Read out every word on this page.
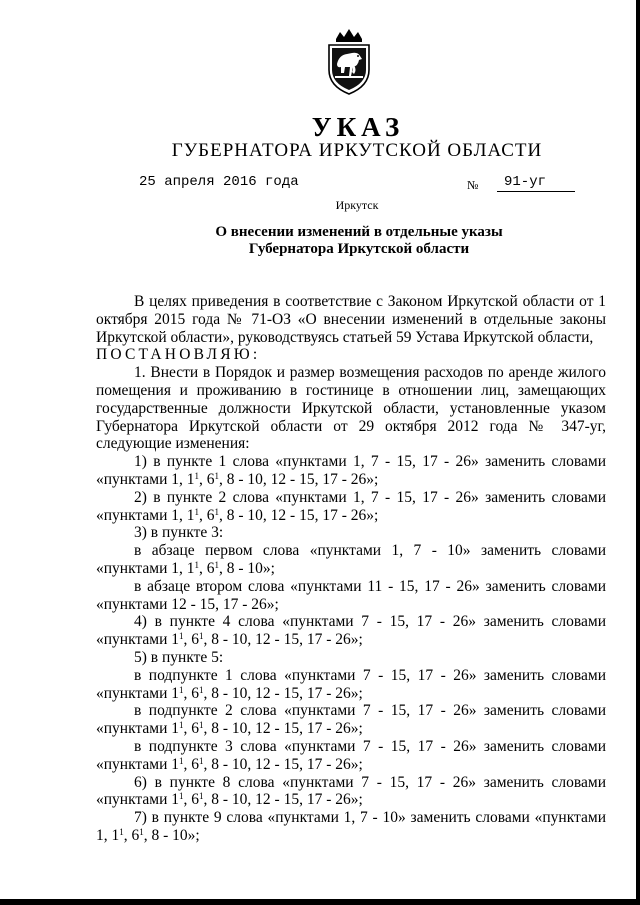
УКАЗ
ГУБЕРНАТОРА ИРКУТСКОЙ ОБЛАСТИ
25 апреля 2016 года	№	91-уг
Иркутск
О внесении изменений в отдельные указы
Губернатора Иркутской области

В целях приведения в соответствие с Законом Иркутской области от 1 октября 2015 года № 71-ОЗ «О внесении изменений в отдельные законы Иркутской области», руководствуясь статьей 59 Устава Иркутской области,

ПОСТАНОВЛЯЮ:

1. Внести в Порядок и размер возмещения расходов по аренде жилого помещения и проживанию в гостинице в отношении лиц, замещающих государственные должности Иркутской области, установленные указом Губернатора Иркутской области от 29 октября 2012 года № 347-уг, следующие изменения:

1) в пункте 1 слова «пунктами 1, 7 - 15, 17 - 26» заменить словами «пунктами 1, $1^1$, $6^1$, 8 - 10, 12 - 15, 17 - 26»;

2) в пункте 2 слова «пунктами 1, 7 - 15, 17 - 26» заменить словами «пунктами 1, $1^1$, $6^1$, 8 - 10, 12 - 15, 17 - 26»;

3) в пункте 3:

в абзаце первом слова «пунктами 1, 7 - 10» заменить словами «пунктами 1, $1^1$, $6^1$, 8 - 10»;

в абзаце втором слова «пунктами 11 - 15, 17 - 26» заменить словами «пунктами 12 - 15, 17 - 26»;

4) в пункте 4 слова «пунктами 7 - 15, 17 - 26» заменить словами «пунктами $1^1$, $6^1$, 8 - 10, 12 - 15, 17 - 26»;

5) в пункте 5:

в подпункте 1 слова «пунктами 7 - 15, 17 - 26» заменить словами «пунктами $1^1$, $6^1$, 8 - 10, 12 - 15, 17 - 26»;

в подпункте 2 слова «пунктами 7 - 15, 17 - 26» заменить словами «пунктами $1^1$, $6^1$, 8 - 10, 12 - 15, 17 - 26»;

в подпункте 3 слова «пунктами 7 - 15, 17 - 26» заменить словами «пунктами $1^1$, $6^1$, 8 - 10, 12 - 15, 17 - 26»;

6) в пункте 8 слова «пунктами 7 - 15, 17 - 26» заменить словами «пунктами $1^1$, $6^1$, 8 - 10, 12 - 15, 17 - 26»;

7) в пункте 9 слова «пунктами 1, 7 - 10» заменить словами «пунктами 1, $1^1$, $6^1$, 8 - 10»;
